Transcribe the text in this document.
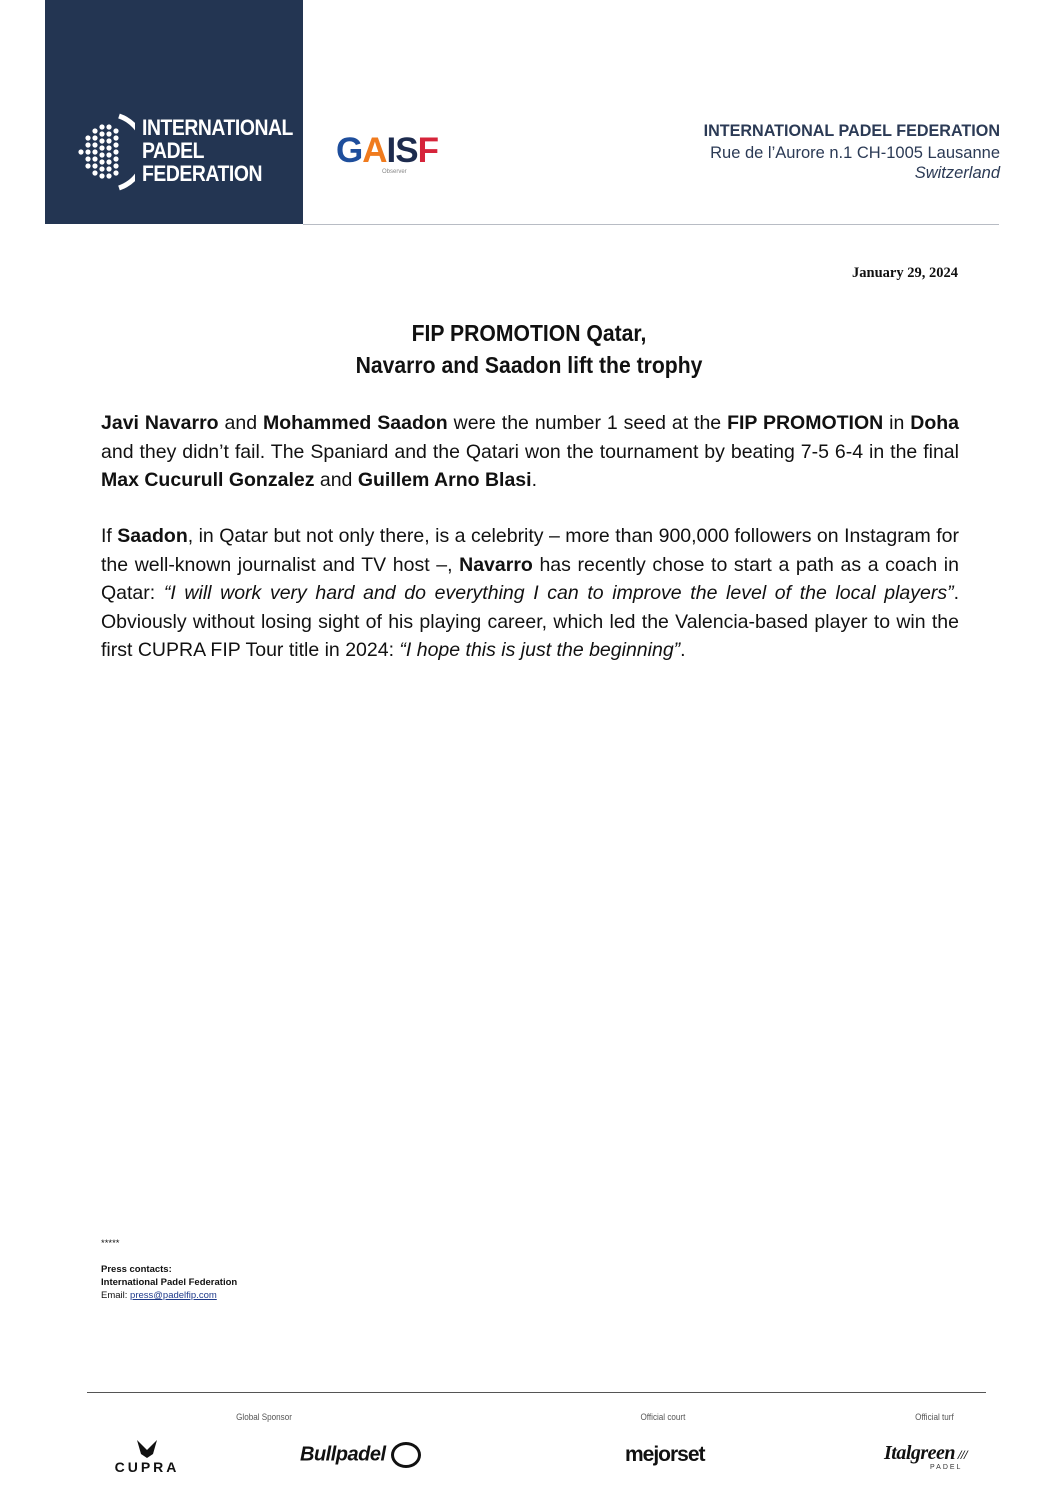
INTERNATIONAL
PADEL
FEDERATION
GAISF
Observer
INTERNATIONAL PADEL FEDERATION
Rue de l’Aurore n.1 CH-1005 Lausanne
Switzerland
January 29, 2024
FIP PROMOTION Qatar,
Navarro and Saadon lift the trophy
Javi Navarro and Mohammed Saadon were the number 1 seed at the FIP PROMOTION in Doha and they didn’t fail. The Spaniard and the Qatari won the tournament by beating 7-5 6-4 in the final Max Cucurull Gonzalez and Guillem Arno Blasi.
If Saadon, in Qatar but not only there, is a celebrity – more than 900,000 followers on Instagram for the well-known journalist and TV host –, Navarro has recently chose to start a path as a coach in Qatar: “I will work very hard and do everything I can to improve the level of the local players”. Obviously without losing sight of his playing career, which led the Valencia-based player to win the first CUPRA FIP Tour title in 2024: “I hope this is just the beginning”.
*****
Press contacts:
International Padel Federation
Email: press@padelfip.com
Global Sponsor	Official court	Official turf
CUPRA
Bullpadel	mejorset	Italgreen ///
PADEL
